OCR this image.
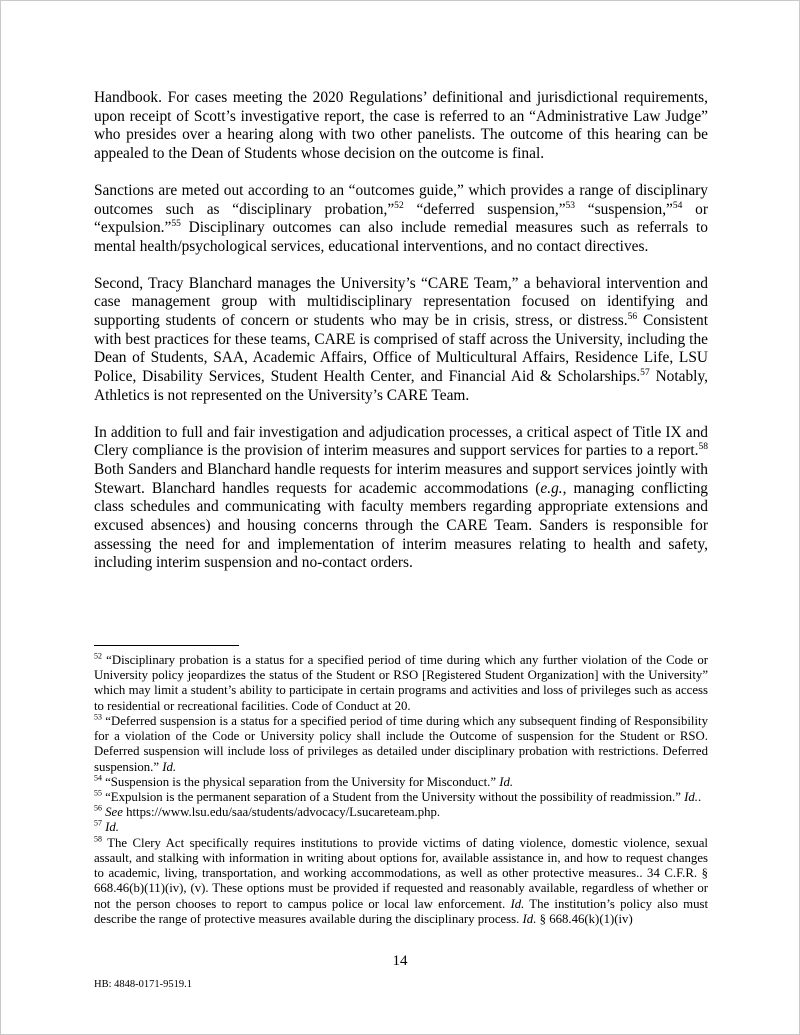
Handbook. For cases meeting the 2020 Regulations’ definitional and jurisdictional requirements, upon receipt of Scott’s investigative report, the case is referred to an “Administrative Law Judge” who presides over a hearing along with two other panelists. The outcome of this hearing can be appealed to the Dean of Students whose decision on the outcome is final.

Sanctions are meted out according to an “outcomes guide,” which provides a range of disciplinary outcomes such as “disciplinary probation,”$^{52}$ “deferred suspension,”$^{53}$ “suspension,”$^{54}$ or “expulsion.”$^{55}$ Disciplinary outcomes can also include remedial measures such as referrals to mental health/psychological services, educational interventions, and no contact directives.

Second, Tracy Blanchard manages the University’s “CARE Team,” a behavioral intervention and case management group with multidisciplinary representation focused on identifying and supporting students of concern or students who may be in crisis, stress, or distress.$^{56}$ Consistent with best practices for these teams, CARE is comprised of staff across the University, including the Dean of Students, SAA, Academic Affairs, Office of Multicultural Affairs, Residence Life, LSU Police, Disability Services, Student Health Center, and Financial Aid & Scholarships.$^{57}$ Notably, Athletics is not represented on the University’s CARE Team.

In addition to full and fair investigation and adjudication processes, a critical aspect of Title IX and Clery compliance is the provision of interim measures and support services for parties to a report.$^{58}$ Both Sanders and Blanchard handle requests for interim measures and support services jointly with Stewart. Blanchard handles requests for academic accommodations (e.g., managing conflicting class schedules and communicating with faculty members regarding appropriate extensions and excused absences) and housing concerns through the CARE Team. Sanders is responsible for assessing the need for and implementation of interim measures relating to health and safety, including interim suspension and no-contact orders.

$^{52}$ “Disciplinary probation is a status for a specified period of time during which any further violation of the Code or University policy jeopardizes the status of the Student or RSO [Registered Student Organization] with the University” which may limit a student’s ability to participate in certain programs and activities and loss of privileges such as access to residential or recreational facilities. Code of Conduct at 20.
$^{53}$ “Deferred suspension is a status for a specified period of time during which any subsequent finding of Responsibility for a violation of the Code or University policy shall include the Outcome of suspension for the Student or RSO. Deferred suspension will include loss of privileges as detailed under disciplinary probation with restrictions. Deferred suspension.” Id.
$^{54}$ “Suspension is the physical separation from the University for Misconduct.” Id.
$^{55}$ “Expulsion is the permanent separation of a Student from the University without the possibility of readmission.” Id..
$^{56}$ See https://www.lsu.edu/saa/students/advocacy/Lsucareteam.php.
$^{57}$ Id.
$^{58}$ The Clery Act specifically requires institutions to provide victims of dating violence, domestic violence, sexual assault, and stalking with information in writing about options for, available assistance in, and how to request changes to academic, living, transportation, and working accommodations, as well as other protective measures.. 34 C.F.R. § 668.46(b)(11)(iv), (v). These options must be provided if requested and reasonably available, regardless of whether or not the person chooses to report to campus police or local law enforcement. Id. The institution’s policy also must describe the range of protective measures available during the disciplinary process. Id. § 668.46(k)(1)(iv)
14
HB: 4848-0171-9519.1
